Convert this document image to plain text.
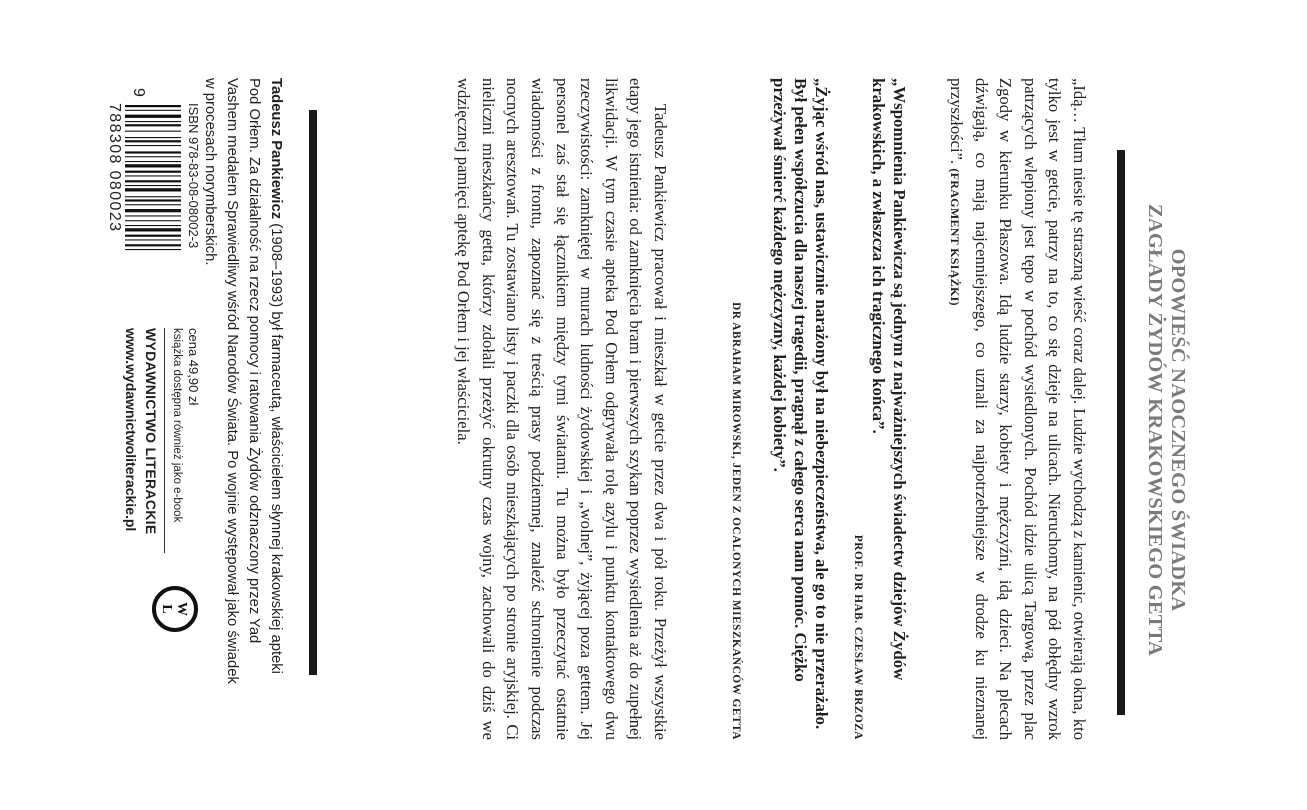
OPOWIEŚĆ NAOCZNEGO ŚWIADKA
ZAGŁADY ŻYDÓW KRAKOWSKIEGO GETTA
„Idą… Tłum niesie tę straszną wieść coraz dalej. Ludzie wychodzą z kamienic, otwierają okna, kto tylko jest w getcie, patrzy na to, co się dzieje na ulicach. Nieruchomy, na pół obłędny wzrok patrzących wlepiony jest tępo w pochód wysiedlonych. Pochód idzie ulicą Targową, przez plac Zgody w kierunku Płaszowa. Idą ludzie starzy, kobiety i mężczyźni, idą dzieci. Na plecach dźwigają, co mają najcenniejszego, co uznali za najpotrzebniejsze w drodze ku nieznanej przyszłości”. (FRAGMENT KSIĄŻKI)
„Wspomnienia Pankiewicza są jednym z najważniejszych świadectw dziejów Żydów krakowskich, a zwłaszcza ich tragicznego końca”.
PROF. DR HAB. CZESŁAW BRZOZA
„Żyjąc wśród nas, ustawicznie narażony był na niebezpieczeństwa, ale go to nie przerażało. Był pełen współczucia dla naszej tragedii, pragnął z całego serca nam pomóc. Ciężko przeżywał śmierć każdego mężczyzny, każdej kobiety”.
DR ABRAHAM MIROWSKI, JEDEN Z OCALONYCH MIESZKAŃCÓW GETTA
Tadeusz Pankiewicz pracował i mieszkał w getcie przez dwa i pół roku. Przeżył wszystkie etapy jego istnienia: od zamknięcia bram i pierwszych szykan poprzez wysiedlenia aż do zupełnej likwidacji. W tym czasie apteka Pod Orłem odgrywała rolę azylu i punktu kontaktowego dwu rzeczywistości: zamkniętej w murach ludności żydowskiej i „wolnej”, żyjącej poza gettem. Jej personel zaś stał się łącznikiem między tymi światami. Tu można było przeczytać ostatnie wiadomości z frontu, zapoznać się z treścią prasy podziemnej, znaleźć schronienie podczas nocnych aresztowań. Tu zostawiano listy i paczki dla osób mieszkających po stronie aryjskiej. Ci nieliczni mieszkańcy getta, którzy zdołali przeżyć okrutny czas wojny, zachowali do dziś we wdzięcznej pamięci aptekę Pod Orłem i jej właściciela.
Tadeusz Pankiewicz (1908–1993) był farmaceutą, właścicielem słynnej krakowskiej apteki Pod Orłem. Za działalność na rzecz pomocy i ratowania Żydów odznaczony przez Yad Vashem medalem Sprawiedliwy wśród Narodów Świata. Po wojnie występował jako świadek w procesach norymberskich.
ISBN 978-83-08-08002-3
9
788308 080023
cena 49,90 zł
książka dostępna również jako e-book
WYDAWNICTWO LITERACKIE
www.wydawnictwoliterackie.pl
W
L
